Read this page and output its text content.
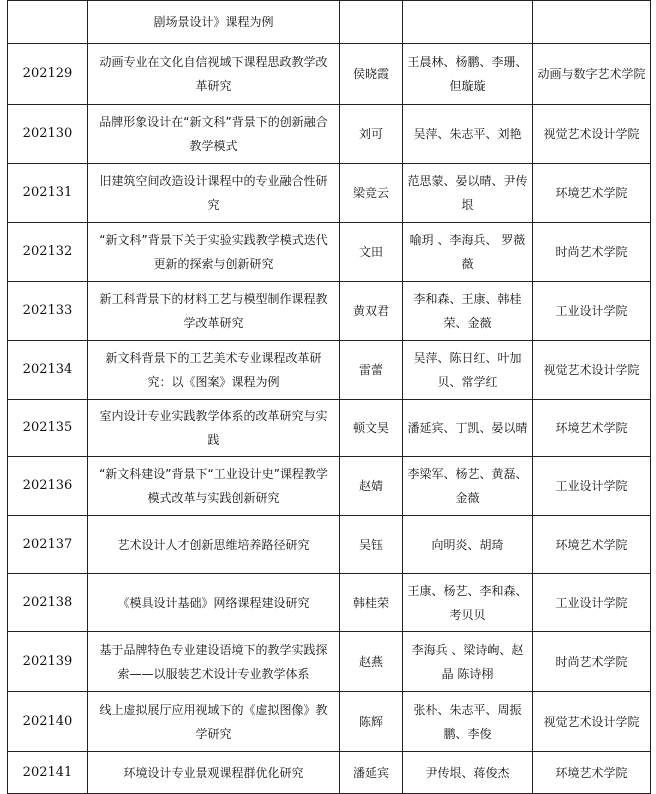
	剧场景设计》课程为例			
202129	动画专业在文化自信视域下课程思政教学改革研究	侯晓霞	王晨林、杨鹏、李珊、但璇璇	动画与数字艺术学院
202130	品牌形象设计在“新文科”背景下的创新融合教学模式	刘可	吴萍、朱志平、刘艳	视觉艺术设计学院
202131	旧建筑空间改造设计课程中的专业融合性研究	梁竞云	范思蒙、晏以晴、尹传垠	环境艺术学院
202132	“新文科”背景下关于实验实践教学模式迭代更新的探索与创新研究	文田	喻玥 、李海兵、 罗薇薇	时尚艺术学院
202133	新工科背景下的材料工艺与模型制作课程教学改革研究	黄双君	李和森、王康、韩桂荣、金薇	工业设计学院
202134	新文科背景下的工艺美术专业课程改革研究：以《图案》课程为例	雷蕾	吴萍、陈日红、叶加贝、常学红	视觉艺术设计学院
202135	室内设计专业实践教学体系的改革研究与实践	顿文昊	潘延宾、丁凯、晏以晴	环境艺术学院
202136	“新文科建设”背景下“工业设计史”课程教学模式改革与实践创新研究	赵婧	李梁军、杨艺、黄磊、金薇	工业设计学院
202137	艺术设计人才创新思维培养路径研究	吴钰	向明炎、胡琦	环境艺术学院
202138	《模具设计基础》网络课程建设研究	韩桂荣	王康、杨艺、李和森、考贝贝	工业设计学院
202139	基于品牌特色专业建设语境下的教学实践探索——以服装艺术设计专业教学体系	赵燕	李海兵 、梁诗峋、赵晶 陈诗栩	时尚艺术学院
202140	线上虚拟展厅应用视域下的《虚拟图像》教学研究	陈辉	张朴、朱志平、周振鹏、李俊	视觉艺术设计学院
202141	环境设计专业景观课程群优化研究	潘延宾	尹传垠、蒋俊杰	环境艺术学院
